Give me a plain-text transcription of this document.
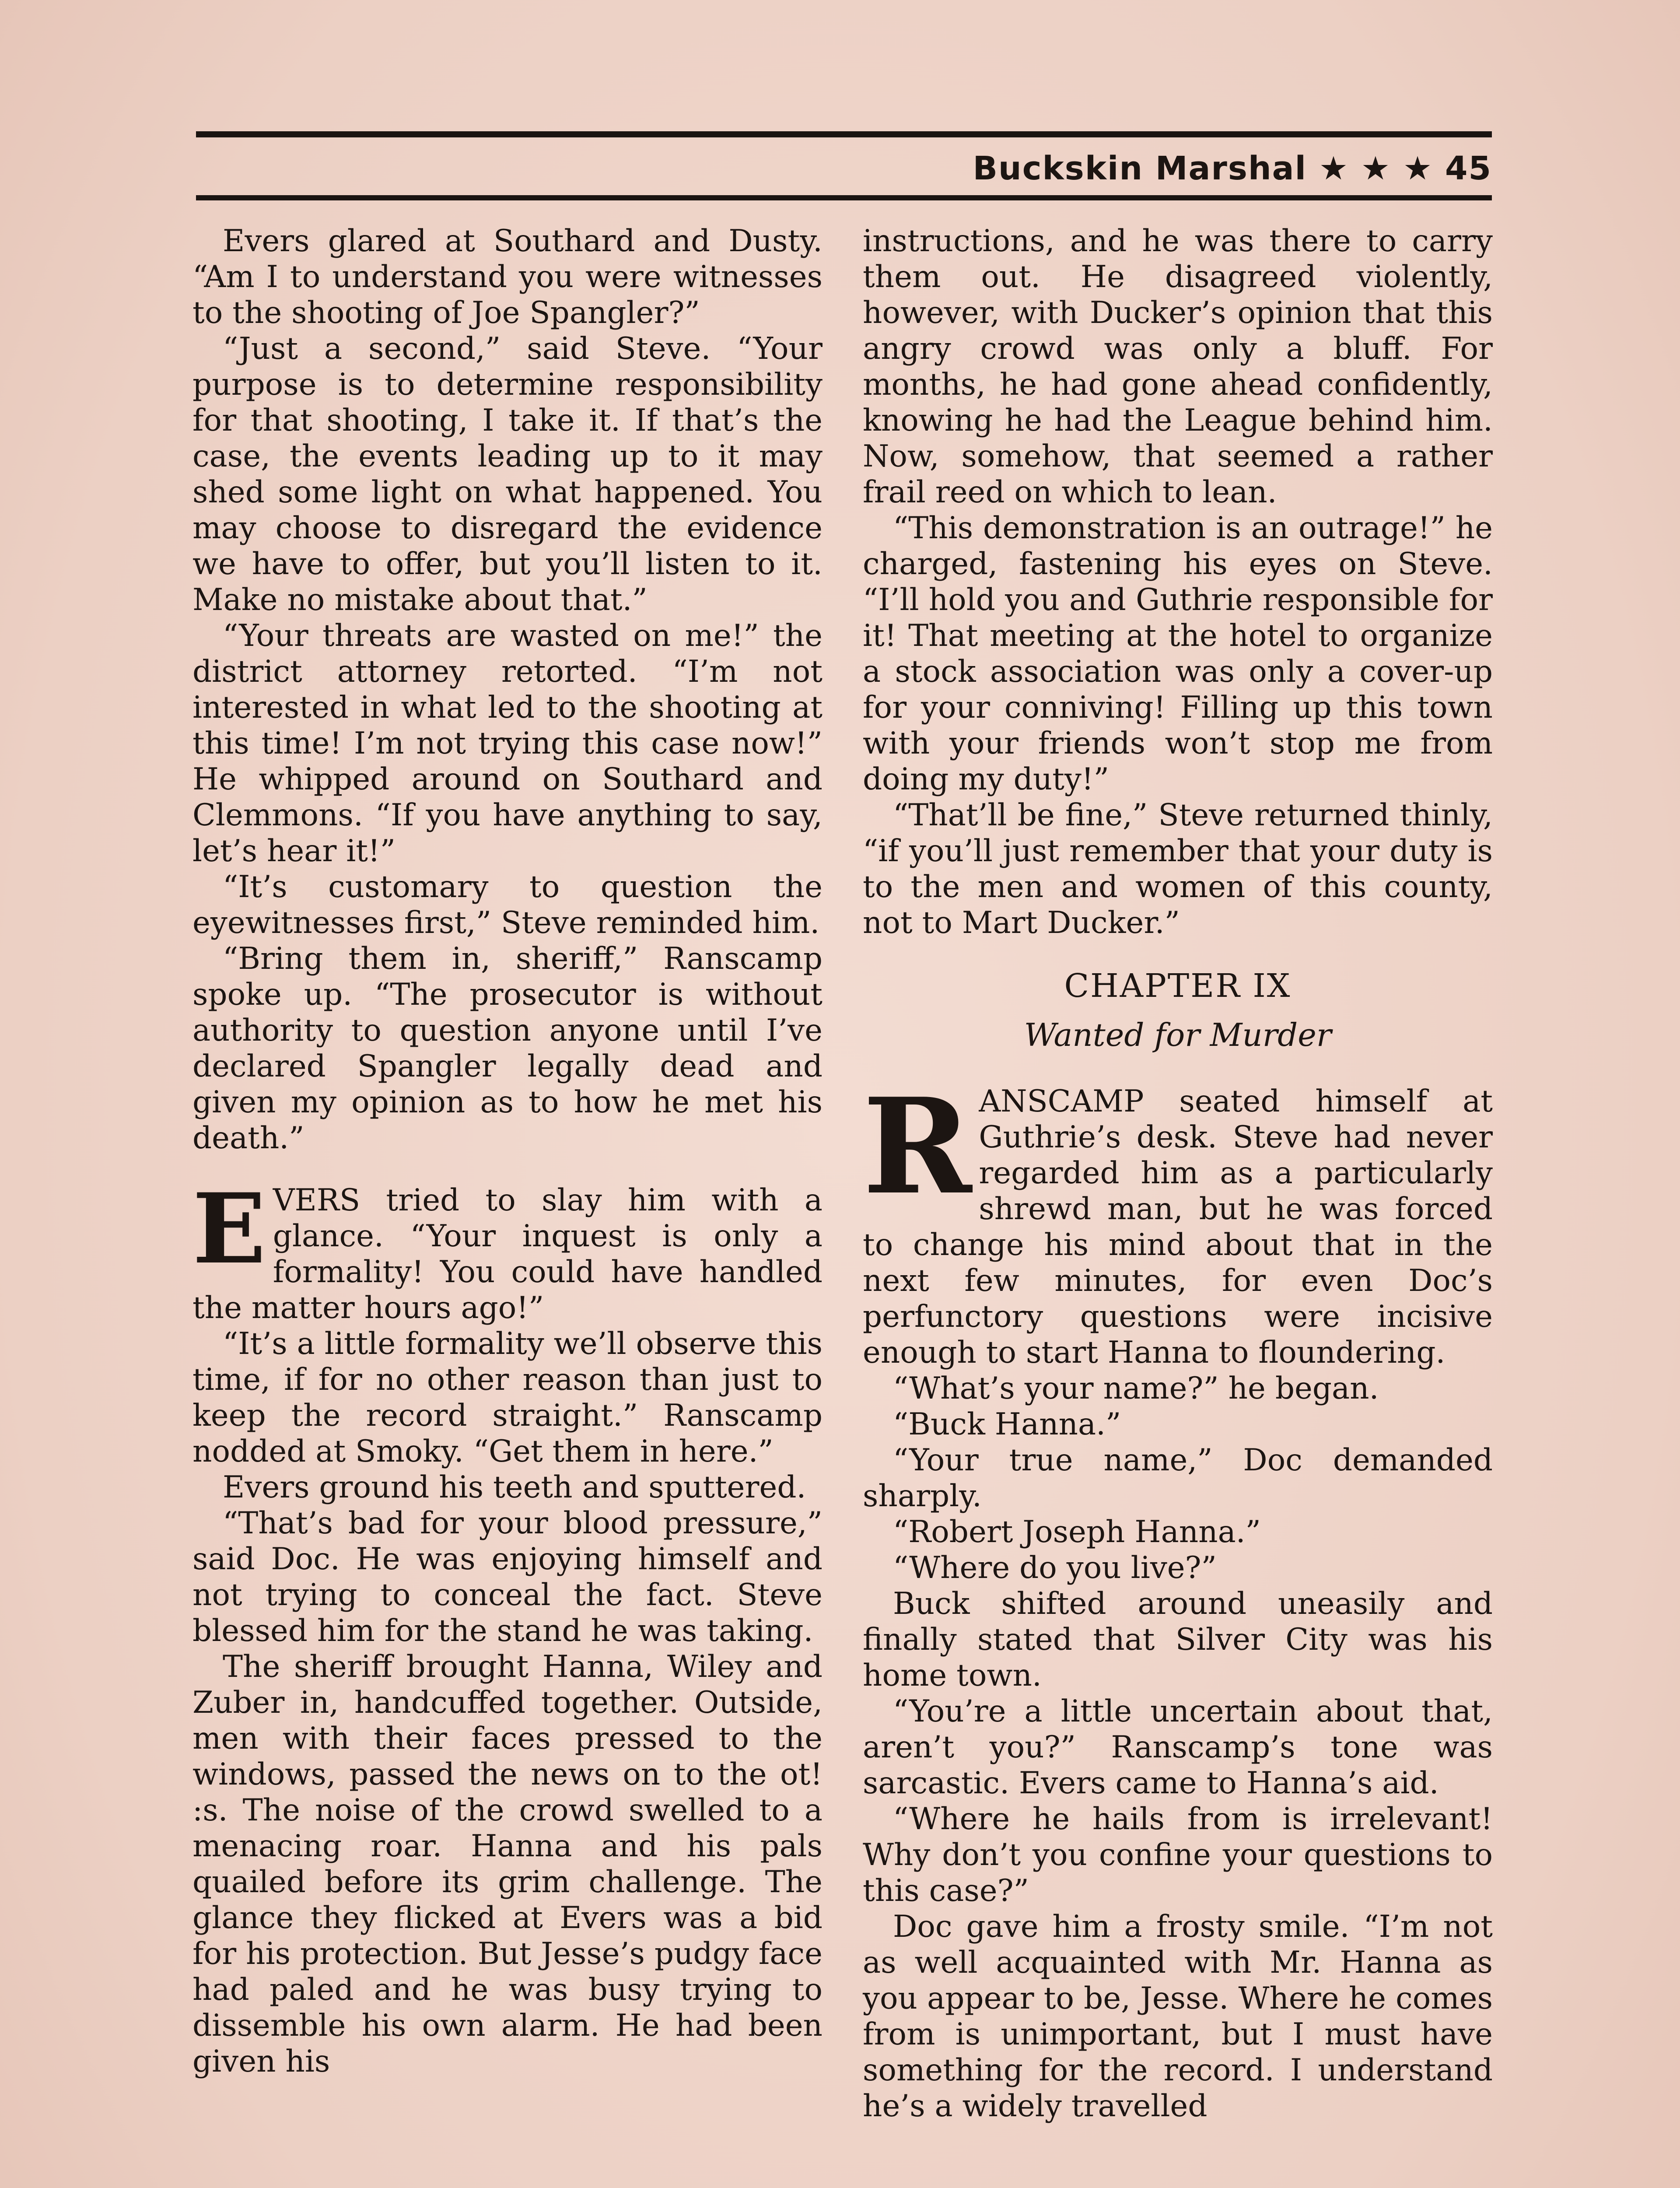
Buckskin Marshal ★ ★ ★ 45

Evers glared at Southard and Dusty. “Am I to understand you were witnesses to the shooting of Joe Spangler?”

“Just a second,” said Steve. “Your purpose is to determine responsibility for that shooting, I take it. If that’s the case, the events leading up to it may shed some light on what happened. You may choose to disregard the evidence we have to offer, but you’ll listen to it. Make no mistake about that.”

“Your threats are wasted on me!” the district attorney retorted. “I’m not interested in what led to the shooting at this time! I’m not trying this case now!” He whipped around on Southard and Clemmons. “If you have anything to say, let’s hear it!”

“It’s customary to question the eyewitnesses first,” Steve reminded him.

“Bring them in, sheriff,” Ranscamp spoke up. “The prosecutor is without authority to question anyone until I’ve declared Spangler legally dead and given my opinion as to how he met his death.”

EVERS tried to slay him with a glance. “Your inquest is only a formality! You could have handled the matter hours ago!”

“It’s a little formality we’ll observe this time, if for no other reason than just to keep the record straight.” Ranscamp nodded at Smoky. “Get them in here.”

Evers ground his teeth and sputtered.

“That’s bad for your blood pressure,” said Doc. He was enjoying himself and not trying to conceal the fact. Steve blessed him for the stand he was taking.

The sheriff brought Hanna, Wiley and Zuber in, handcuffed together. Outside, men with their faces pressed to the windows, passed the news on to the ot! :s. The noise of the crowd swelled to a menacing roar. Hanna and his pals quailed before its grim challenge. The glance they flicked at Evers was a bid for his protection. But Jesse’s pudgy face had paled and he was busy trying to dissemble his own alarm. He had been given his

instructions, and he was there to carry them out. He disagreed violently, however, with Ducker’s opinion that this angry crowd was only a bluff. For months, he had gone ahead confidently, knowing he had the League behind him. Now, somehow, that seemed a rather frail reed on which to lean.

“This demonstration is an outrage!” he charged, fastening his eyes on Steve. “I’ll hold you and Guthrie responsible for it! That meeting at the hotel to organize a stock association was only a cover-up for your conniving! Filling up this town with your friends won’t stop me from doing my duty!”

“That’ll be fine,” Steve returned thinly, “if you’ll just remember that your duty is to the men and women of this county, not to Mart Ducker.”

CHAPTER IX
Wanted for Murder

RANSCAMP seated himself at Guthrie’s desk. Steve had never regarded him as a particularly shrewd man, but he was forced to change his mind about that in the next few minutes, for even Doc’s perfunctory questions were incisive enough to start Hanna to floundering.

“What’s your name?” he began.

“Buck Hanna.”

“Your true name,” Doc demanded sharply.

“Robert Joseph Hanna.”

“Where do you live?”

Buck shifted around uneasily and finally stated that Silver City was his home town.

“You’re a little uncertain about that, aren’t you?” Ranscamp’s tone was sarcastic. Evers came to Hanna’s aid.

“Where he hails from is irrelevant! Why don’t you confine your questions to this case?”

Doc gave him a frosty smile. “I’m not as well acquainted with Mr. Hanna as you appear to be, Jesse. Where he comes from is unimportant, but I must have something for the record. I understand he’s a widely travelled
